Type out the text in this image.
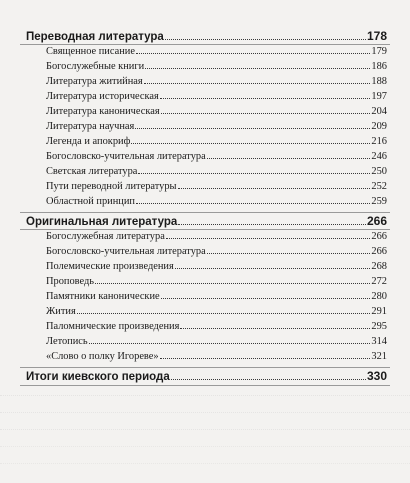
Переводная литература	178
Священное писание	179
Богослужебные книги	186
Литература житийная	188
Литература историческая	197
Литература каноническая	204
Литература научная	209
Легенда и апокриф	216
Богословско-учительная литература	246
Светская литература	250
Пути переводной литературы	252
Областной принцип	259
Оригинальная литература	266
Богослужебная литература	266
Богословско-учительная литература	266
Полемические произведения	268
Проповедь	272
Памятники канонические	280
Жития	291
Паломнические произведения	295
Летопись	314
«Слово о полку Игореве»	321
Итоги киевского периода	330
